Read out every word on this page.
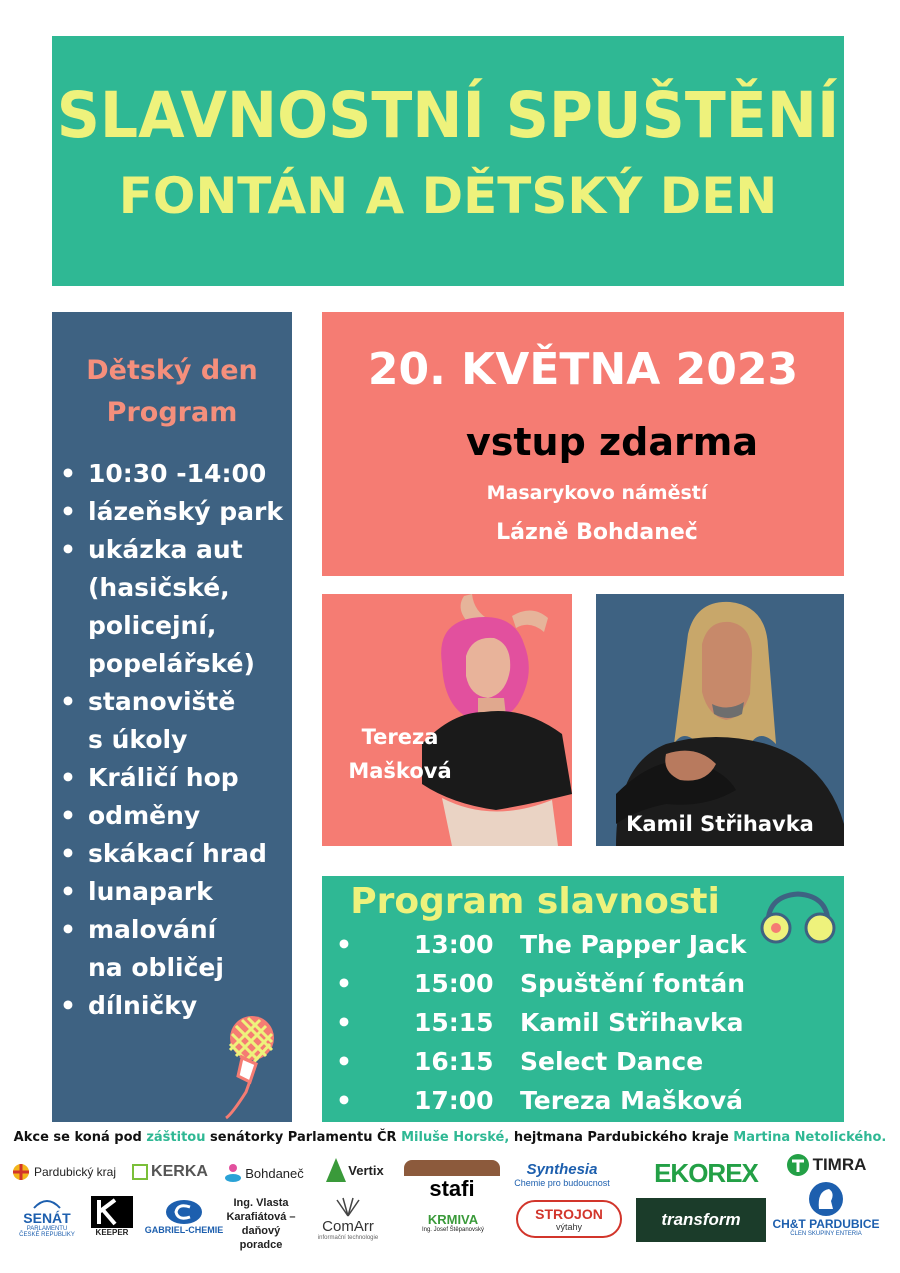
SLAVNOSTNÍ SPUŠTĚNÍ
FONTÁN A DĚTSKÝ DEN
Dětský den
Program
• 10:30 -14:00
• lázeňský park
• ukázka aut
(hasičské,
policejní,
popelářské)
• stanoviště
s úkoly
• Králičí hop
• odměny
• skákací hrad
• lunapark
• malování
na obličej
• dílničky
20. KVĚTNA 2023
vstup zdarma
Masarykovo náměstí
Lázně Bohdaneč
Tereza
Mašková
Kamil Střihavka
Program slavnosti
• 13:00 The Papper Jack
• 15:00 Spuštění fontán
• 15:15 Kamil Střihavka
• 16:15 Select Dance
• 17:00 Tereza Mašková
Akce se koná pod záštitou senátorky Parlamentu ČR Miluše Horské, hejtmana Pardubického kraje Martina Netolického.
Pardubický kraj KERKA	Bohdaneč	Vertix
stafi
Synthesia
Chemie pro budoucnost EKOREX	TIMRA
SENÁT
PARLAMENTU
ČESKÉ REPUBLIKY	KEEPER GABRIEL-CHEMIE
Ing. Vlasta
Karafiátová –
daňový
poradce
ComArr
informační technologie
KRMIVA
Ing. Josef Štěpanovský
STROJON
výtahy	transform	CH&T PARDUBICE
ČLEN SKUPINY ENTERIA
